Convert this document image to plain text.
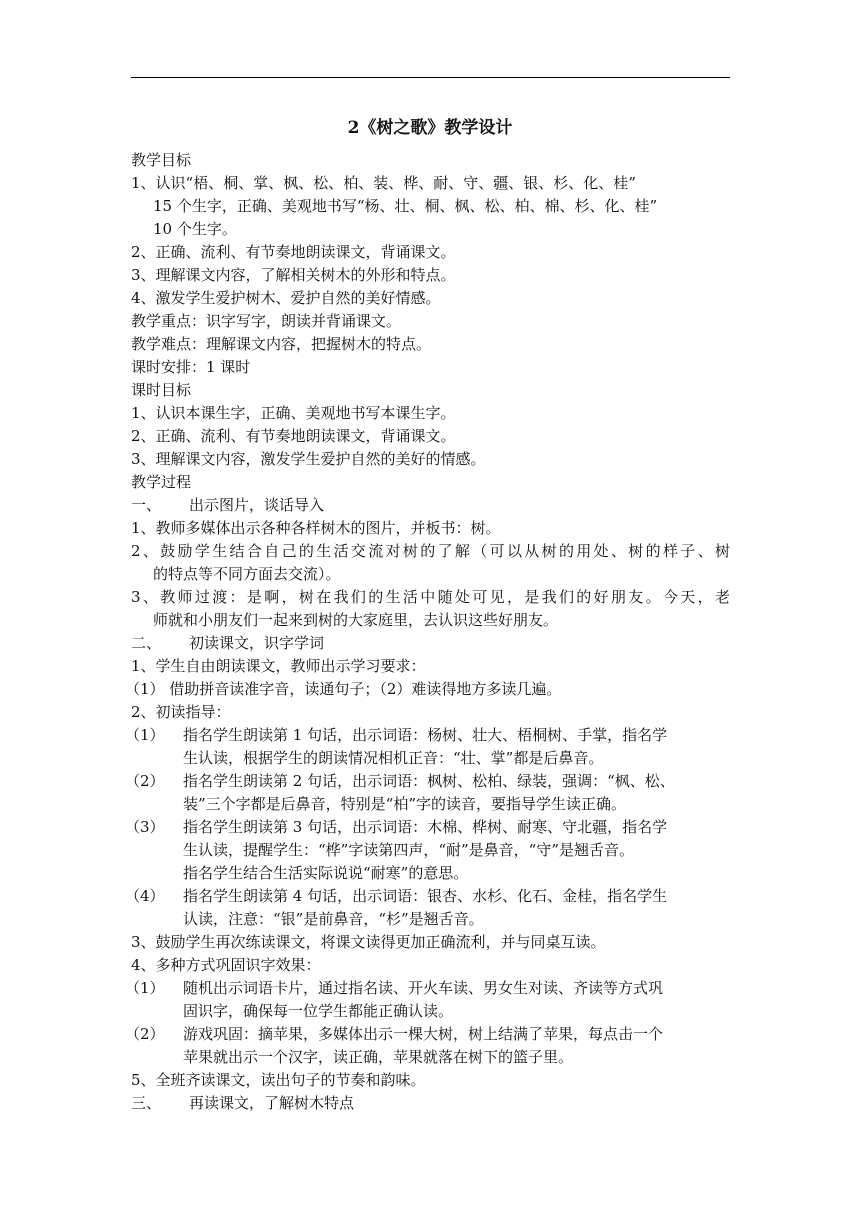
2《树之歌》教学设计
教学目标
1、认识“梧、桐、掌、枫、松、柏、装、桦、耐、守、疆、银、杉、化、桂”
15 个生字，正确、美观地书写“杨、壮、桐、枫、松、柏、棉、杉、化、桂”
10 个生字。
2、正确、流利、有节奏地朗读课文，背诵课文。
3、理解课文内容，了解相关树木的外形和特点。
4、激发学生爱护树木、爱护自然的美好情感。
教学重点：识字写字，朗读并背诵课文。
教学难点：理解课文内容，把握树木的特点。
课时安排：1 课时
课时目标
1、认识本课生字，正确、美观地书写本课生字。
2、正确、流利、有节奏地朗读课文，背诵课文。
3、理解课文内容，激发学生爱护自然的美好的情感。
教学过程
一、 出示图片，谈话导入
1、教师多媒体出示各种各样树木的图片，并板书：树。
2、鼓励学生结合自己的生活交流对树的了解（可以从树的用处、树的样子、树
的特点等不同方面去交流）。
3、教师过渡：是啊，树在我们的生活中随处可见，是我们的好朋友。今天，老
师就和小朋友们一起来到树的大家庭里，去认识这些好朋友。
二、 初读课文，识字学词
1、学生自由朗读课文，教师出示学习要求：
（1） 借助拼音读准字音，读通句子；（2）难读得地方多读几遍。
2、初读指导：
（1） 指名学生朗读第 1 句话，出示词语：杨树、壮大、梧桐树、手掌，指名学
生认读，根据学生的朗读情况相机正音：“壮、掌”都是后鼻音。
（2） 指名学生朗读第 2 句话，出示词语：枫树、松柏、绿装，强调：“枫、松、
装”三个字都是后鼻音，特别是“柏”字的读音，要指导学生读正确。
（3） 指名学生朗读第 3 句话，出示词语：木棉、桦树、耐寒、守北疆，指名学
生认读，提醒学生：“桦”字读第四声，“耐”是鼻音，“守”是翘舌音。
指名学生结合生活实际说说“耐寒”的意思。
（4） 指名学生朗读第 4 句话，出示词语：银杏、水杉、化石、金桂，指名学生
认读，注意：“银”是前鼻音，“杉”是翘舌音。
3、鼓励学生再次练读课文，将课文读得更加正确流利，并与同桌互读。
4、多种方式巩固识字效果：
（1） 随机出示词语卡片，通过指名读、开火车读、男女生对读、齐读等方式巩
固识字，确保每一位学生都能正确认读。
（2） 游戏巩固：摘苹果，多媒体出示一棵大树，树上结满了苹果，每点击一个
苹果就出示一个汉字，读正确，苹果就落在树下的篮子里。
5、全班齐读课文，读出句子的节奏和韵味。
三、 再读课文，了解树木特点
